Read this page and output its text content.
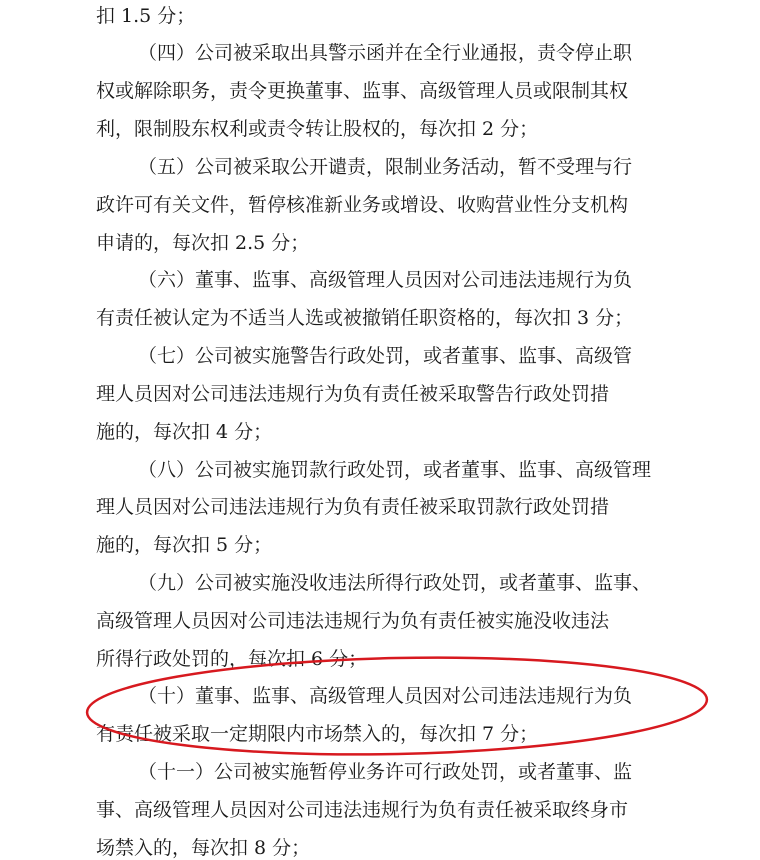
扣 1.5 分；
（四）公司被采取出具警示函并在全行业通报，责令停止职
权或解除职务，责令更换董事、监事、高级管理人员或限制其权
利，限制股东权利或责令转让股权的，每次扣 2 分；
（五）公司被采取公开谴责，限制业务活动，暂不受理与行
政许可有关文件，暂停核准新业务或增设、收购营业性分支机构
申请的，每次扣 2.5 分；
（六）董事、监事、高级管理人员因对公司违法违规行为负
有责任被认定为不适当人选或被撤销任职资格的，每次扣 3 分；
（七）公司被实施警告行政处罚，或者董事、监事、高级管
理人员因对公司违法违规行为负有责任被采取警告行政处罚措
施的，每次扣 4 分；
（八）公司被实施罚款行政处罚，或者董事、监事、高级管理
理人员因对公司违法违规行为负有责任被采取罚款行政处罚措
施的，每次扣 5 分；
（九）公司被实施没收违法所得行政处罚，或者董事、监事、
高级管理人员因对公司违法违规行为负有责任被实施没收违法
所得行政处罚的，每次扣 6 分；
（十）董事、监事、高级管理人员因对公司违法违规行为负
有责任被采取一定期限内市场禁入的，每次扣 7 分；
（十一）公司被实施暂停业务许可行政处罚，或者董事、监
事、高级管理人员因对公司违法违规行为负有责任被采取终身市
场禁入的，每次扣 8 分；
